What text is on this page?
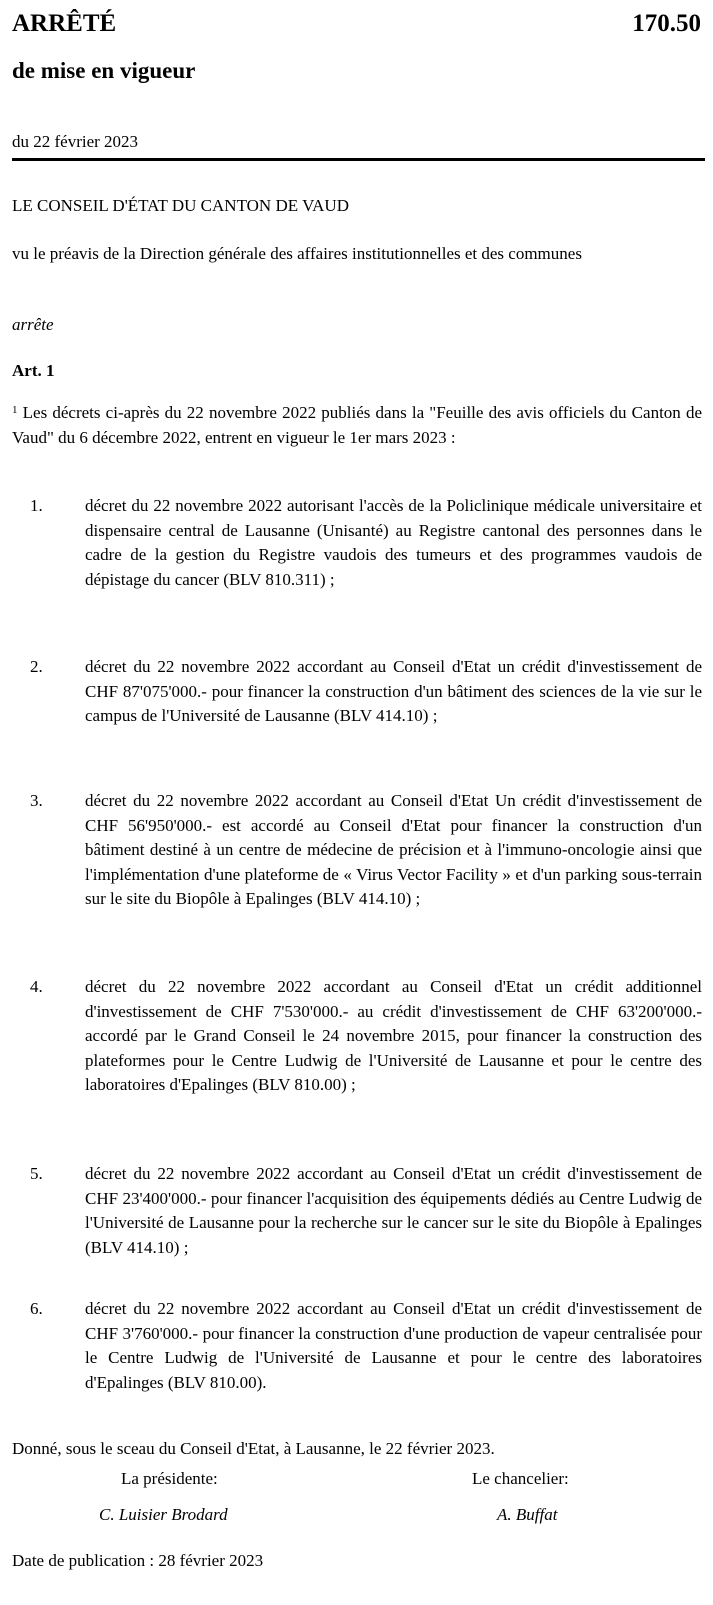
ARRÊTÉ	170.50
de mise en vigueur
du 22 février 2023
LE CONSEIL D'ÉTAT DU CANTON DE VAUD
vu le préavis de la Direction générale des affaires institutionnelles et des communes
arrête
Art. 1
$^1$ Les décrets ci-après du 22 novembre 2022 publiés dans la "Feuille des avis officiels du Canton de Vaud" du 6 décembre 2022, entrent en vigueur le 1er mars 2023 :
1. décret du 22 novembre 2022 autorisant l'accès de la Policlinique médicale universitaire et dispensaire central de Lausanne (Unisanté) au Registre cantonal des personnes dans le cadre de la gestion du Registre vaudois des tumeurs et des programmes vaudois de dépistage du cancer (BLV 810.311) ;
2. décret du 22 novembre 2022 accordant au Conseil d'Etat un crédit d'investissement de CHF 87'075'000.- pour financer la construction d'un bâtiment des sciences de la vie sur le campus de l'Université de Lausanne (BLV 414.10) ;
3. décret du 22 novembre 2022 accordant au Conseil d'Etat Un crédit d'investissement de CHF 56'950'000.- est accordé au Conseil d'Etat pour financer la construction d'un bâtiment destiné à un centre de médecine de précision et à l'immuno-oncologie ainsi que l'implémentation d'une plateforme de « Virus Vector Facility » et d'un parking sous-terrain sur le site du Biopôle à Epalinges (BLV 414.10) ;
4. décret du 22 novembre 2022 accordant au Conseil d'Etat un crédit additionnel d'investissement de CHF 7'530'000.- au crédit d'investissement de CHF 63'200'000.- accordé par le Grand Conseil le 24 novembre 2015, pour financer la construction des plateformes pour le Centre Ludwig de l'Université de Lausanne et pour le centre des laboratoires d'Epalinges (BLV 810.00) ;
5. décret du 22 novembre 2022 accordant au Conseil d'Etat un crédit d'investissement de CHF 23'400'000.- pour financer l'acquisition des équipements dédiés au Centre Ludwig de l'Université de Lausanne pour la recherche sur le cancer sur le site du Biopôle à Epalinges (BLV 414.10) ;
6. décret du 22 novembre 2022 accordant au Conseil d'Etat un crédit d'investissement de CHF 3'760'000.- pour financer la construction d'une production de vapeur centralisée pour le Centre Ludwig de l'Université de Lausanne et pour le centre des laboratoires d'Epalinges (BLV 810.00).
Donné, sous le sceau du Conseil d'Etat, à Lausanne, le 22 février 2023.
La présidente:	Le chancelier:
C. Luisier Brodard	A. Buffat
Date de publication : 28 février 2023
